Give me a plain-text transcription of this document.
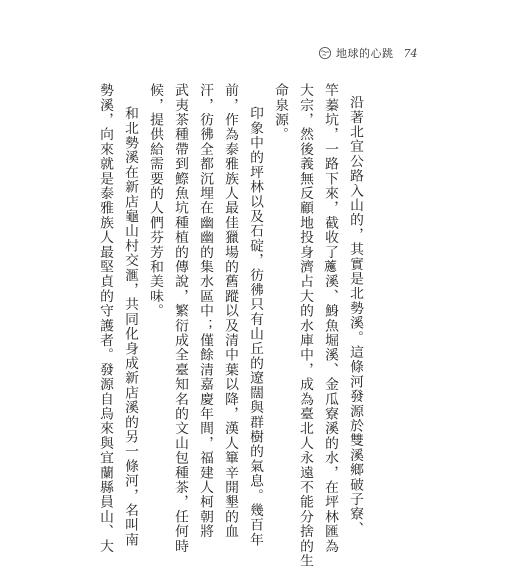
地球的心跳 74
沿著北宜公路入山的，其實是北勢溪。這條河發源於雙溪鄉破子寮、
竿蓁坑，一路下來，截收了𧃽溪、鯓魚堀溪、金瓜寮溪的水，在坪林匯為
大宗，然後義無反顧地投身濟占大的水庫中，成為臺北人永遠不能分捨的生
命泉源。
印象中的坪林以及石碇，彷彿只有山丘的遼闊與群樹的氣息。幾百年
前，作為泰雅族人最佳獵場的舊蹤以及清中葉以降，漢人篳辛開墾的血
汗，彷彿全都沉埋在幽幽的集水區中；僅餘清嘉慶年間，福建人柯朝將
武夷茶種帶到鰶魚坑種植的傳說，繁衍成全臺知名的文山包種茶，任何時
候，提供給需要的人們芬芳和美味。
和北勢溪在新店龜山村交滙，共同化身成新店溪的另一條河，名叫南
勢溪，向來就是泰雅族人最堅貞的守護者。發源自烏來與宜蘭縣員山、大
